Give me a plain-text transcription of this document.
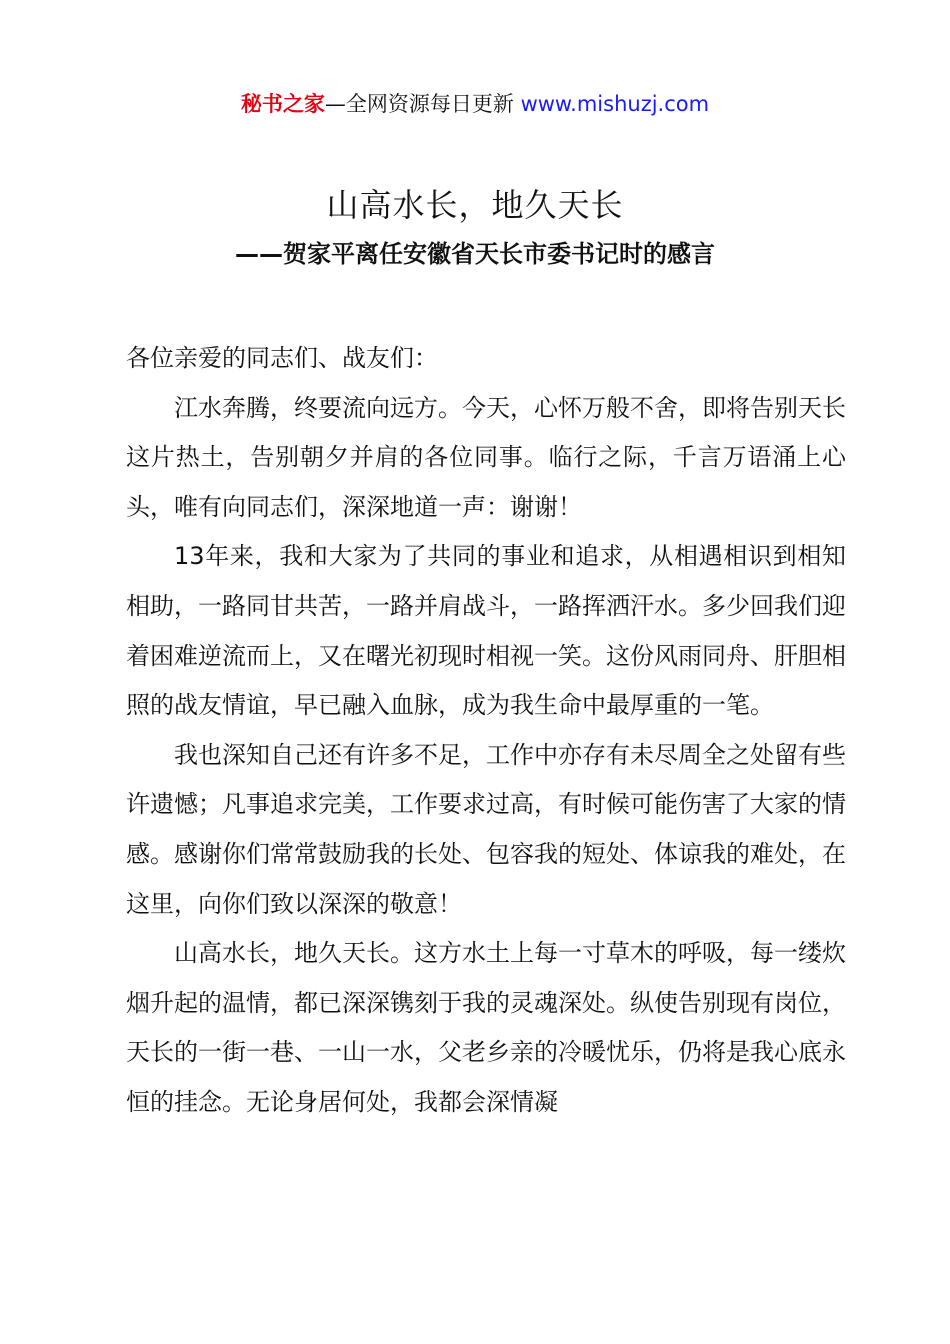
秘书之家—全网资源每日更新 www.mishuzj.com
山高水长，地久天长
——贺家平离任安徽省天长市委书记时的感言

各位亲爱的同志们、战友们：

江水奔腾，终要流向远方。今天，心怀万般不舍，即将告别天长这片热土，告别朝夕并肩的各位同事。临行之际，千言万语涌上心头，唯有向同志们，深深地道一声：谢谢！

13年来，我和大家为了共同的事业和追求，从相遇相识到相知相助，一路同甘共苦，一路并肩战斗，一路挥洒汗水。多少回我们迎着困难逆流而上，又在曙光初现时相视一笑。这份风雨同舟、肝胆相照的战友情谊，早已融入血脉，成为我生命中最厚重的一笔。

我也深知自己还有许多不足，工作中亦存有未尽周全之处留有些许遗憾；凡事追求完美，工作要求过高，有时候可能伤害了大家的情感。感谢你们常常鼓励我的长处、包容我的短处、体谅我的难处，在这里，向你们致以深深的敬意！

山高水长，地久天长。这方水土上每一寸草木的呼吸，每一缕炊烟升起的温情，都已深深镌刻于我的灵魂深处。纵使告别现有岗位，天长的一街一巷、一山一水，父老乡亲的冷暖忧乐，仍将是我心底永恒的挂念。无论身居何处，我都会深情凝
